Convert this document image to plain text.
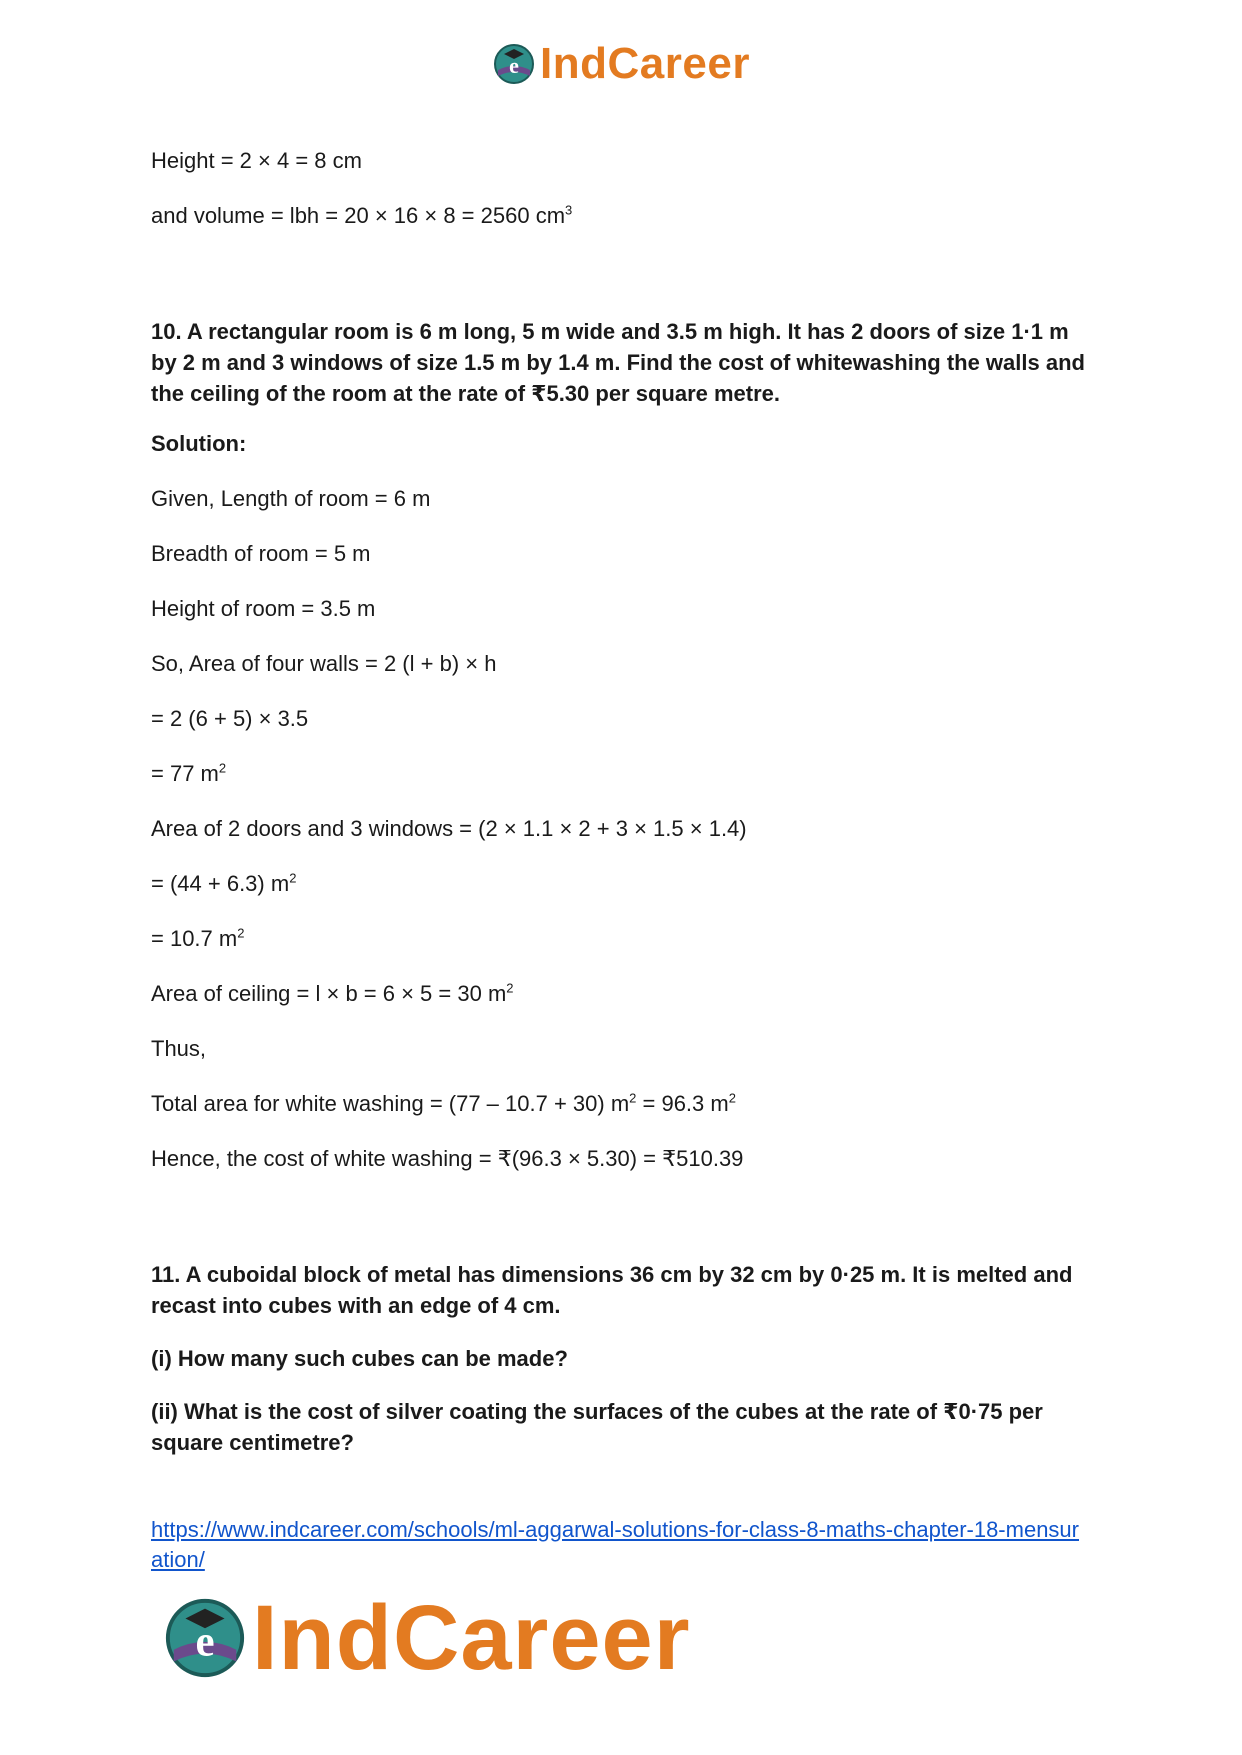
e IndCareer

Height = 2 × 4 = 8 cm

and volume = lbh = 20 × 16 × 8 = 2560 $cm^3$

10. A rectangular room is 6 m long, 5 m wide and 3.5 m high. It has 2 doors of size 1·1 m by 2 m and 3 windows of size 1.5 m by 1.4 m. Find the cost of whitewashing the walls and the ceiling of the room at the rate of ₹5.30 per square metre.

Solution:

Given, Length of room = 6 m

Breadth of room = 5 m

Height of room = 3.5 m

So, Area of four walls = 2 (l + b) × h

= 2 (6 + 5) × 3.5

= 77 $m^2$

Area of 2 doors and 3 windows = (2 × 1.1 × 2 + 3 × 1.5 × 1.4)

= (44 + 6.3) $m^2$

= 10.7 $m^2$

Area of ceiling = l × b = 6 × 5 = 30 $m^2$

Thus,

Total area for white washing = (77 – 10.7 + 30) $m^2 = 96.3$ $m^2$

Hence, the cost of white washing = ₹(96.3 × 5.30) = ₹510.39

11. A cuboidal block of metal has dimensions 36 cm by 32 cm by 0·25 m. It is melted and recast into cubes with an edge of 4 cm.

(i) How many such cubes can be made?

(ii) What is the cost of silver coating the surfaces of the cubes at the rate of ₹0·75 per square centimetre?

https://www.indcareer.com/schools/ml-aggarwal-solutions-for-class-8-maths-chapter-18-mensuration/
e IndCareer
